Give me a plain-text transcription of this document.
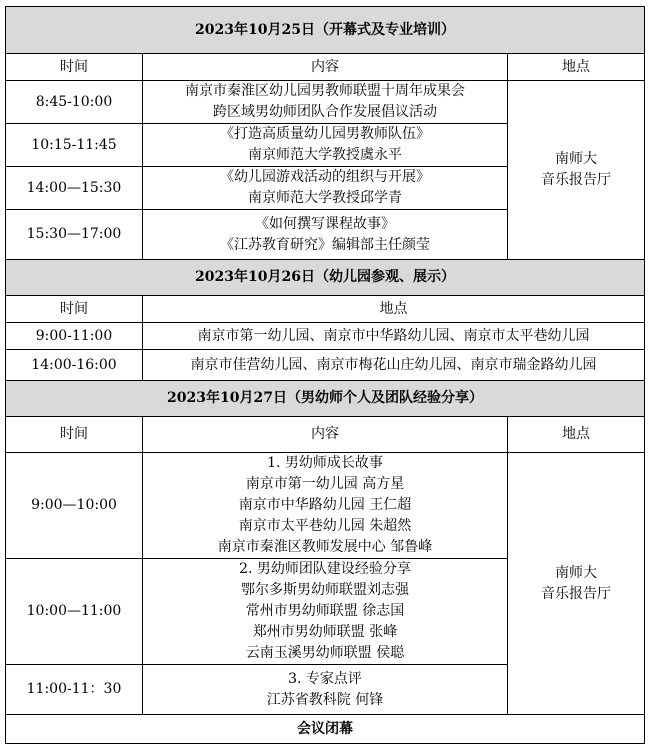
2023年10月25日（开幕式及专业培训）		
时间	内容	地点
8:45-10:00	南京市秦淮区幼儿园男教师联盟十周年成果会
跨区域男幼师团队合作发展倡议活动	南师大
音乐报告厅

10:15-11:45	《打造高质量幼儿园男教师队伍》
南京师范大学教授虞永平	

14:00—15:30	《幼儿园游戏活动的组织与开展》
南京师范大学教授邱学青	

15:30—17:00	《如何撰写课程故事》
《江苏教育研究》编辑部主任颜莹	

2023年10月26日（幼儿园参观、展示）		
时间	地点	
9:00-11:00	南京市第一幼儿园、南京市中华路幼儿园、南京市太平巷幼儿园	
14:00-16:00	南京市佳营幼儿园、南京市梅花山庄幼儿园、南京市瑞金路幼儿园	
2023年10月27日（男幼师个人及团队经验分享）		
时间	内容	地点
9:00—10:00	1. 男幼师成长故事
南京市第一幼儿园 高方星
南京市中华路幼儿园 王仁超
南京市太平巷幼儿园 朱超然
南京市秦淮区教师发展中心 邹鲁峰	南师大
音乐报告厅

10:00—11:00	2. 男幼师团队建设经验分享
鄂尔多斯男幼师联盟刘志强
常州市男幼师联盟 徐志国
郑州市男幼师联盟 张峰
云南玉溪男幼师联盟 侯聪	

11:00-11：30	3. 专家点评
江苏省教科院 何锋	

会议闭幕		
